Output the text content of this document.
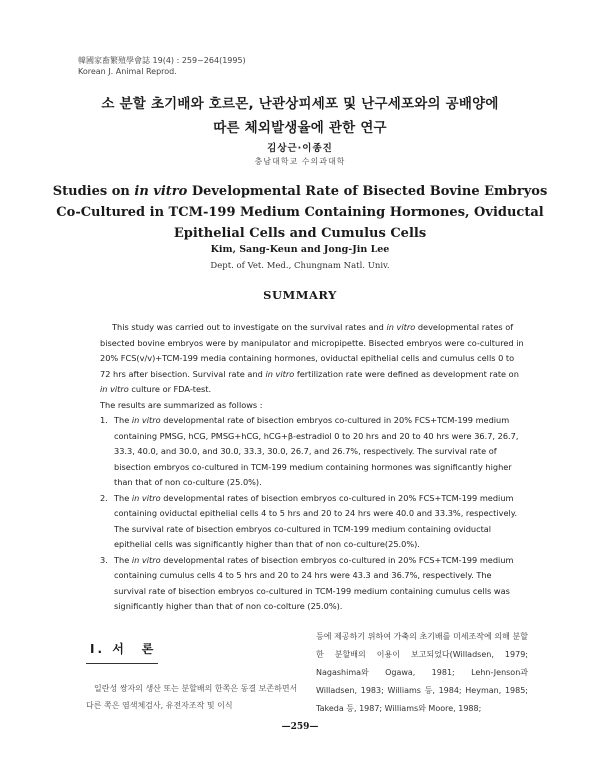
韓國家畜繁殖學會誌 19(4) : 259~264(1995)
Korean J. Animal Reprod.
소 분할 초기배와 호르몬, 난관상피세포 및 난구세포와의 공배양에
따른 체외발생율에 관한 연구
김상근·이종진
충남대학교 수의과대학
Studies on in vitro Developmental Rate of Bisected Bovine Embryos
Co-Cultured in TCM-199 Medium Containing Hormones, Oviductal
Epithelial Cells and Cumulus Cells
Kim, Sang-Keun and Jong-Jin Lee
Dept. of Vet. Med., Chungnam Natl. Univ.
SUMMARY

This study was carried out to investigate on the survival rates and in vitro developmental rates of bisected bovine embryos were by manipulator and micropipette. Bisected embryos were co-cultured in 20% FCS(v/v)+TCM-199 media containing hormones, oviductal epithelial cells and cumulus cells 0 to 72 hrs after bisection. Survival rate and in vitro fertilization rate were defined as development rate on in vitro culture or FDA-test.

The results are summarized as follows :

1. The in vitro developmental rate of bisection embryos co-cultured in 20% FCS+TCM-199 medium containing PMSG, hCG, PMSG+hCG, hCG+β-estradiol 0 to 20 hrs and 20 to 40 hrs were 36.7, 26.7, 33.3, 40.0, and 30.0, and 30.0, 33.3, 30.0, 26.7, and 26.7%, respectively. The survival rate of bisection embryos co-cultured in TCM-199 medium containing hormones was significantly higher than that of non co-culture (25.0%).
2. The in vitro developmental rates of bisection embryos co-cultured in 20% FCS+TCM-199 medium containing oviductal epithelial cells 4 to 5 hrs and 20 to 24 hrs were 40.0 and 33.3%, respectively. The survival rate of bisection embryos co-cultured in TCM-199 medium containing oviductal epithelial cells was significantly higher than that of non co-culture(25.0%).
3. The in vitro developmental rates of bisection embryos co-cultured in 20% FCS+TCM-199 medium containing cumulus cells 4 to 5 hrs and 20 to 24 hrs were 43.3 and 36.7%, respectively. The survival rate of bisection embryos co-cultured in TCM-199 medium containing cumulus cells was significantly higher than that of non co-colture (25.0%).
I. 서　론
일란성 쌍자의 생산 또는 분할배의 한쪽은 동결 보존하면서 다른 쪽은 염색체검사, 유전자조작 및 이식
등에 제공하기 위하여 가축의 초기배를 미세조작에 의해 분할한 분할배의 이용이 보고되었다(Willadsen, 1979; Nagashima와 Ogawa, 1981; Lehn-Jenson과 Willadsen, 1983; Williams 등, 1984; Heyman, 1985; Takeda 등, 1987; Williams와 Moore, 1988;
—259—
